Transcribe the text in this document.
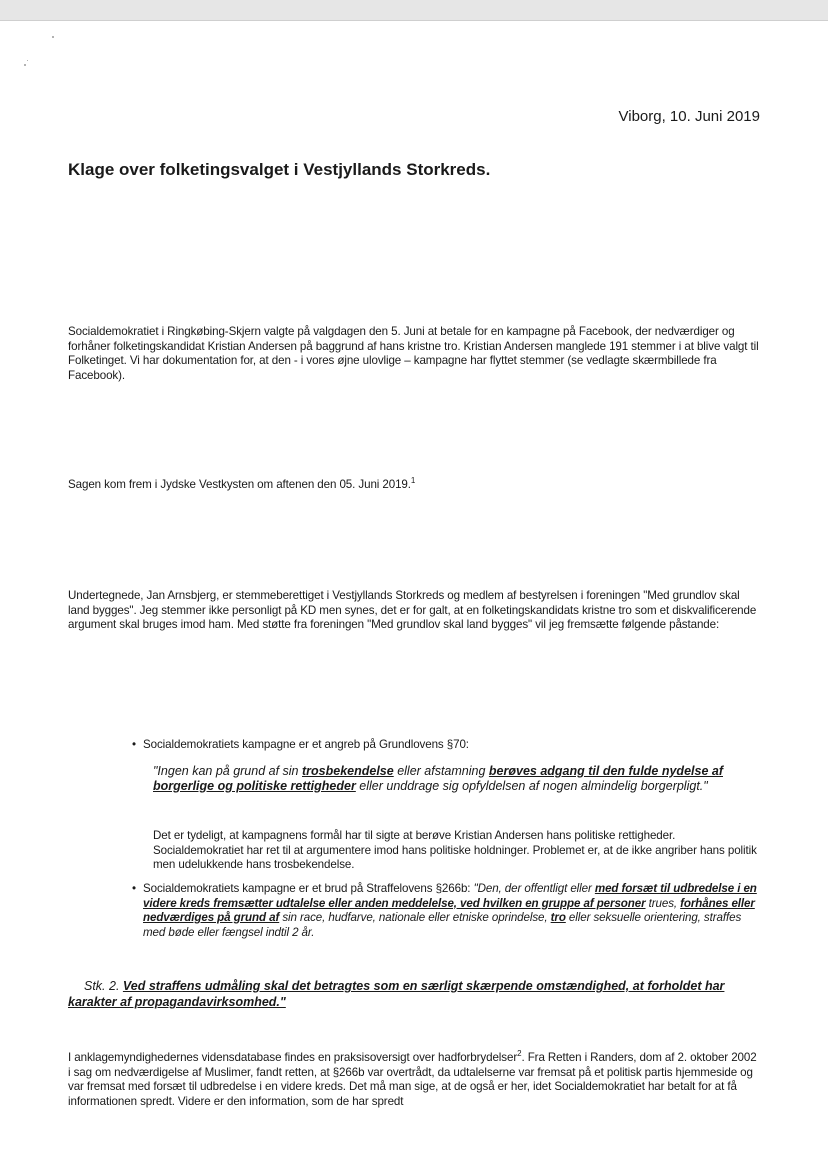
Viborg, 10. Juni 2019
Klage over folketingsvalget i Vestjyllands Storkreds.

Socialdemokratiet i Ringkøbing-Skjern valgte på valgdagen den 5. Juni at betale for en kampagne på Facebook, der nedværdiger og forhåner folketingskandidat Kristian Andersen på baggrund af hans kristne tro. Kristian Andersen manglede 191 stemmer i at blive valgt til Folketinget. Vi har dokumentation for, at den - i vores øjne ulovlige – kampagne har flyttet stemmer (se vedlagte skærmbillede fra Facebook).

Sagen kom frem i Jydske Vestkysten om aftenen den 05. Juni 2019.$^1$

Undertegnede, Jan Arnsbjerg, er stemmeberettiget i Vestjyllands Storkreds og medlem af bestyrelsen i foreningen "Med grundlov skal land bygges". Jeg stemmer ikke personligt på KD men synes, det er for galt, at en folketingskandidats kristne tro som et diskvalificerende argument skal bruges imod ham. Med støtte fra foreningen "Med grundlov skal land bygges" vil jeg fremsætte følgende påstande:

• Socialdemokratiets kampagne er et angreb på Grundlovens §70:

"Ingen kan på grund af sin trosbekendelse eller afstamning berøves adgang til den fulde nydelse af borgerlige og politiske rettigheder eller unddrage sig opfyldelsen af nogen almindelig borgerpligt."

Det er tydeligt, at kampagnens formål har til sigte at berøve Kristian Andersen hans politiske rettigheder. Socialdemokratiet har ret til at argumentere imod hans politiske holdninger. Problemet er, at de ikke angriber hans politik men udelukkende hans trosbekendelse.

• Socialdemokratiets kampagne er et brud på Straffelovens §266b: "Den, der offentligt eller med forsæt til udbredelse i en videre kreds fremsætter udtalelse eller anden meddelelse, ved hvilken en gruppe af personer trues, forhånes eller nedværdiges på grund af sin race, hudfarve, nationale eller etniske oprindelse, tro eller seksuelle orientering, straffes med bøde eller fængsel indtil 2 år.

Stk. 2. Ved straffens udmåling skal det betragtes som en særligt skærpende omstændighed, at forholdet har karakter af propagandavirksomhed."

I anklagemyndighedernes vidensdatabase findes en praksisoversigt over hadforbrydelser$^2$. Fra Retten i Randers, dom af 2. oktober 2002 i sag om nedværdigelse af Muslimer, fandt retten, at §266b var overtrådt, da udtalelserne var fremsat på et politisk partis hjemmeside og var fremsat med forsæt til udbredelse i en videre kreds. Det må man sige, at de også er her, idet Socialdemokratiet har betalt for at få informationen spredt. Videre er den information, som de har spredt
